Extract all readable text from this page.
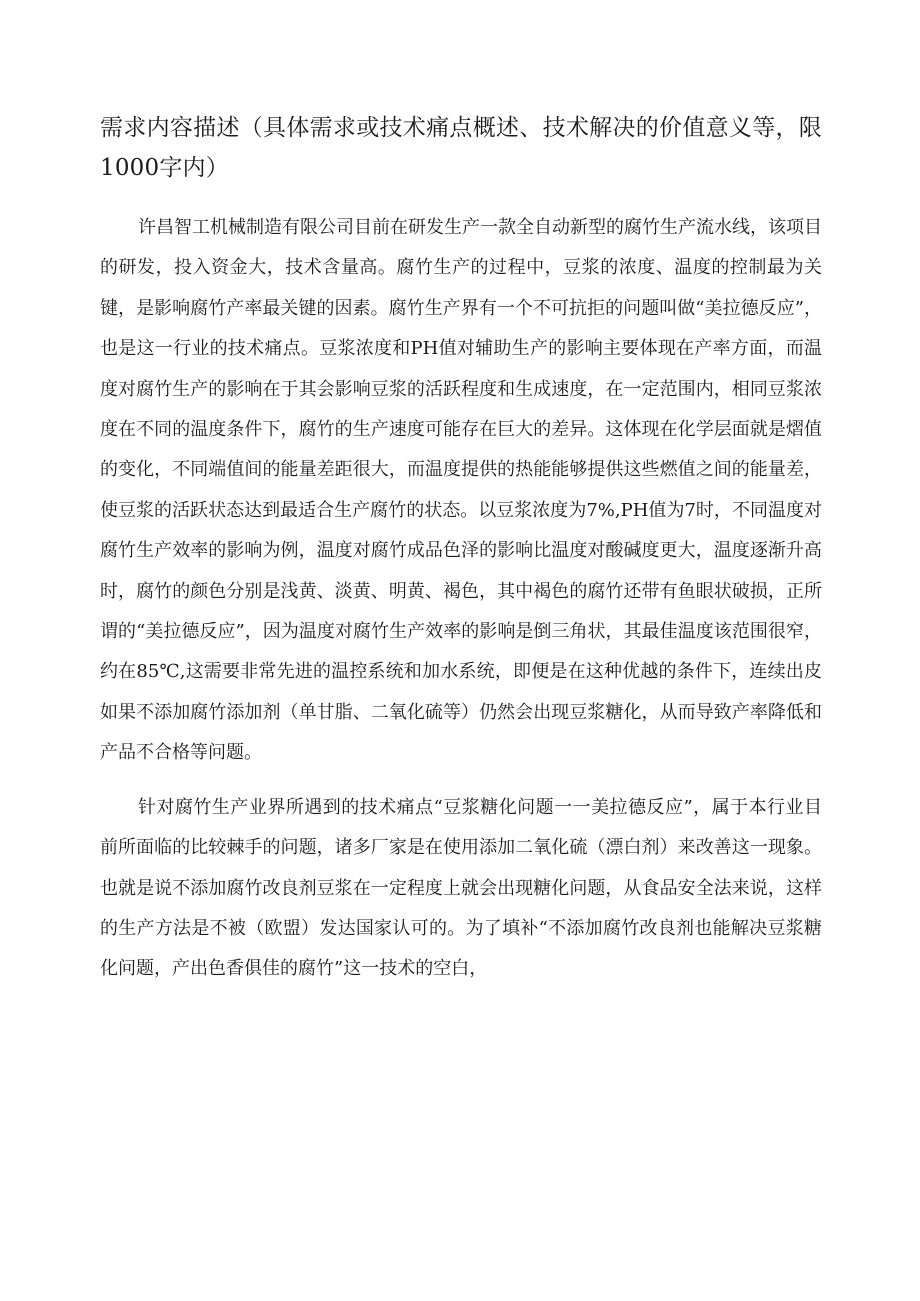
需求内容描述（具体需求或技术痛点概述、技术解决的价值意义等，限1000字内）

许昌智工机械制造有限公司目前在研发生产一款全自动新型的腐竹生产流水线，该项目的研发，投入资金大，技术含量高。腐竹生产的过程中，豆浆的浓度、温度的控制最为关键，是影响腐竹产率最关键的因素。腐竹生产界有一个不可抗拒的问题叫做“美拉德反应”，也是这一行业的技术痛点。豆浆浓度和PH值对辅助生产的影响主要体现在产率方面，而温度对腐竹生产的影响在于其会影响豆浆的活跃程度和生成速度，在一定范围内，相同豆浆浓度在不同的温度条件下，腐竹的生产速度可能存在巨大的差异。这体现在化学层面就是熠值的变化，不同端值间的能量差距很大，而温度提供的热能能够提供这些燃值之间的能量差，使豆浆的活跃状态达到最适合生产腐竹的状态。以豆浆浓度为7%,PH值为7时，不同温度对腐竹生产效率的影响为例，温度对腐竹成品色泽的影响比温度对酸碱度更大，温度逐渐升高时，腐竹的颜色分别是浅黄、淡黄、明黄、褐色，其中褐色的腐竹还带有鱼眼状破损，正所谓的“美拉德反应”，因为温度对腐竹生产效率的影响是倒三角状，其最佳温度该范围很窄，约在85℃,这需要非常先进的温控系统和加水系统，即便是在这种优越的条件下，连续出皮如果不添加腐竹添加剂（单甘脂、二氧化硫等）仍然会出现豆浆糖化，从而导致产率降低和产品不合格等问题。

针对腐竹生产业界所遇到的技术痛点“豆浆糖化问题一一美拉德反应”，属于本行业目前所面临的比较棘手的问题，诸多厂家是在使用添加二氧化硫（漂白剂）来改善这一现象。也就是说不添加腐竹改良剂豆浆在一定程度上就会出现糖化问题，从食品安全法来说，这样的生产方法是不被（欧盟）发达国家认可的。为了填补“不添加腐竹改良剂也能解决豆浆糖化问题，产出色香俱佳的腐竹”这一技术的空白，
